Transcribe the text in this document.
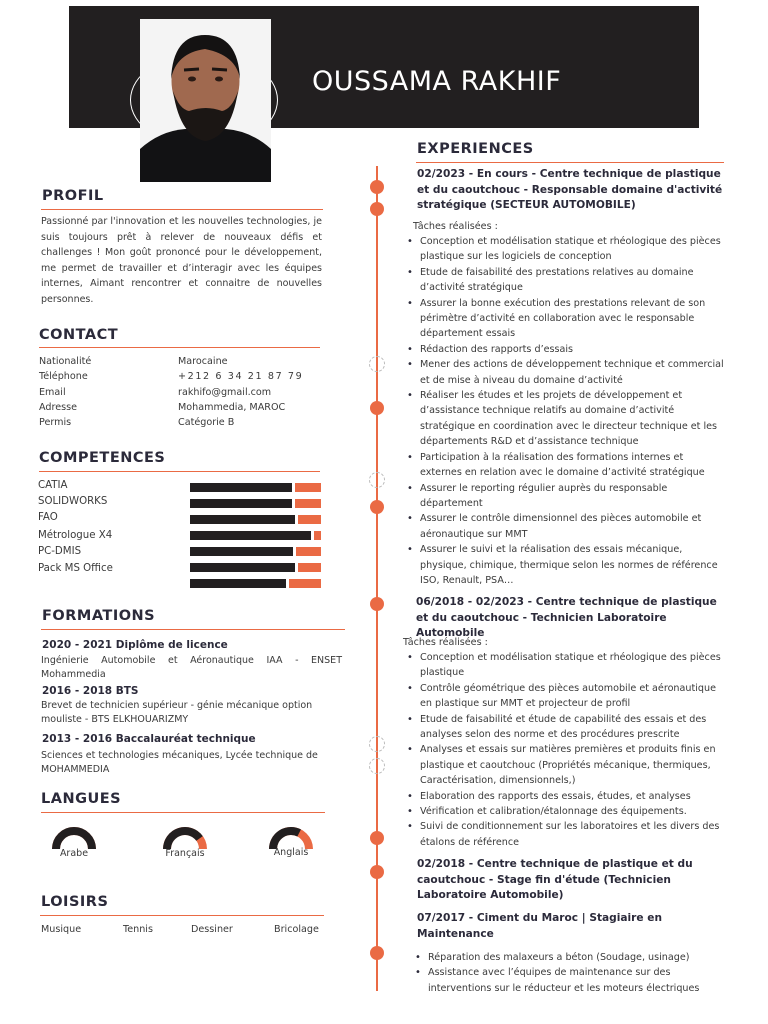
OUSSAMA RAKHIF
PROFIL
Passionné par l'innovation et les nouvelles technologies, je suis toujours prêt à relever de nouveaux défis et challenges ! Mon goût prononcé pour le développement, me permet de travailler et d’interagir avec les équipes internes, Aimant rencontrer et connaitre de nouvelles personnes.
CONTACT
Nationalité	Marocaine
Téléphone	+212 6 34 21 87 79
Email	rakhifo@gmail.com
Adresse	Mohammedia, MAROC
Permis	Catégorie B
COMPETENCES
CATIA
SOLIDWORKS
FAO
Métrologue X4
PC-DMIS
Pack MS Office
FORMATIONS
2020 - 2021 Diplôme de licence
Ingénierie Automobile et Aéronautique IAA - ENSET Mohammedia
2016 - 2018 BTS
Brevet de technicien supérieur - génie mécanique option mouliste - BTS ELKHOUARIZMY
2013 - 2016 Baccalauréat technique
Sciences et technologies mécaniques, Lycée technique de MOHAMMEDIA
LANGUES
Arabe	Français	Anglais
LOISIRS
Musique	Tennis	Dessiner	Bricolage
EXPERIENCES
02/2023 - En cours - Centre technique de plastique et du caoutchouc - Responsable domaine d'activité stratégique (SECTEUR AUTOMOBILE)
Tâches réalisées :
• Conception et modélisation statique et rhéologique des pièces plastique sur les logiciels de conception
• Etude de faisabilité des prestations relatives au domaine d’activité stratégique
• Assurer la bonne exécution des prestations relevant de son périmètre d’activité en collaboration avec le responsable département essais
• Rédaction des rapports d’essais
• Mener des actions de développement technique et commercial et de mise à niveau du domaine d’activité
• Réaliser les études et les projets de développement et d’assistance technique relatifs au domaine d’activité stratégique en coordination avec le directeur technique et les départements R&D et d’assistance technique
• Participation à la réalisation des formations internes et externes en relation avec le domaine d’activité stratégique
• Assurer le reporting régulier auprès du responsable département
• Assurer le contrôle dimensionnel des pièces automobile et aéronautique sur MMT
• Assurer le suivi et la réalisation des essais mécanique, physique, chimique, thermique selon les normes de référence ISO, Renault, PSA…
06/2018 - 02/2023 - Centre technique de plastique et du caoutchouc - Technicien Laboratoire Automobile
Tâches réalisées :
• Conception et modélisation statique et rhéologique des pièces plastique
• Contrôle géométrique des pièces automobile et aéronautique en plastique sur MMT et projecteur de profil
• Etude de faisabilité et étude de capabilité des essais et des analyses selon des norme et des procédures prescrite
• Analyses et essais sur matières premières et produits finis en plastique et caoutchouc (Propriétés mécanique, thermiques, Caractérisation, dimensionnels,)
• Elaboration des rapports des essais, études, et analyses
• Vérification et calibration/étalonnage des équipements.
• Suivi de conditionnement sur les laboratoires et les divers des étalons de référence
02/2018 - Centre technique de plastique et du caoutchouc - Stage fin d'étude (Technicien Laboratoire Automobile)
07/2017 - Ciment du Maroc | Stagiaire en Maintenance
• Réparation des malaxeurs a béton (Soudage, usinage)
• Assistance avec l’équipes de maintenance sur des interventions sur le réducteur et les moteurs électriques
